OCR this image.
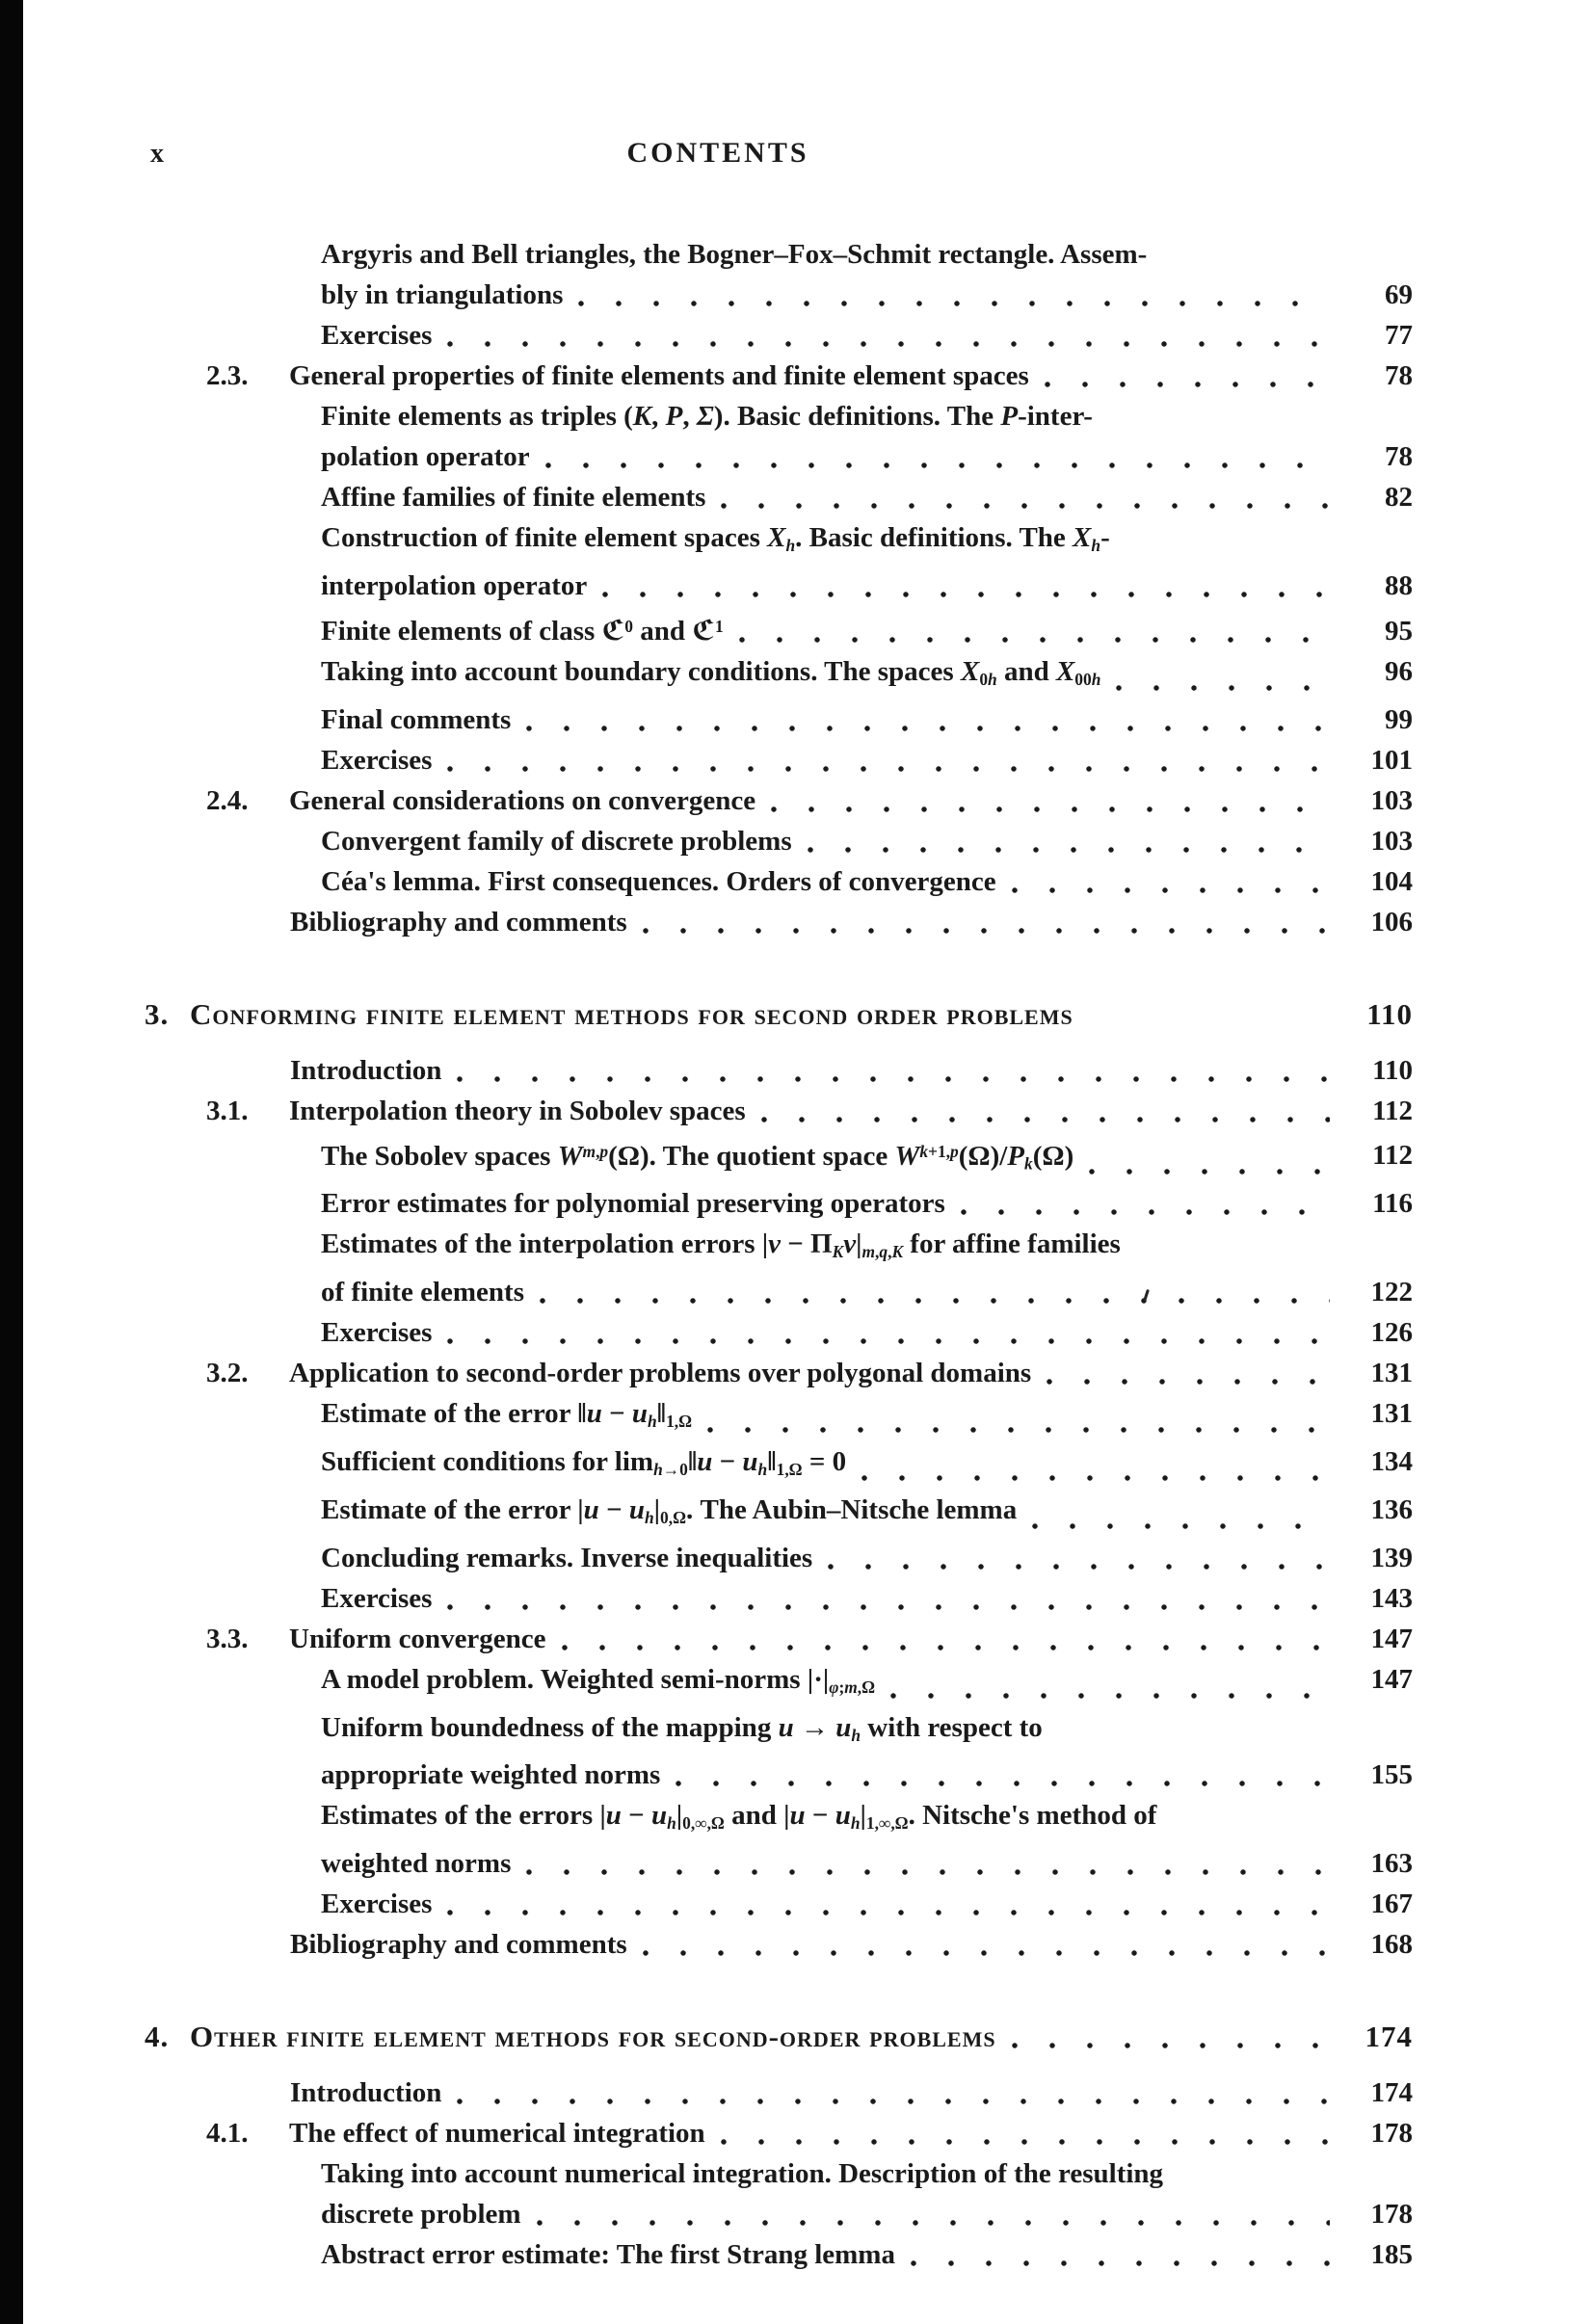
x	CONTENTS
Argyris and Bell triangles, the Bogner–Fox–Schmit rectangle. Assem-
bly in triangulations	69
Exercises	77
2.3.	General properties of finite elements and finite element spaces	78
Finite elements as triples (K, P, Σ). Basic definitions. The P-inter-
polation operator	78
Affine families of finite elements	82
Construction of finite element spaces $X_h$. Basic definitions. The $X_h-$
interpolation operator	88
Finite elements of class ℭ$^0$ and ℭ$^1$	95
Taking into account boundary conditions. The spaces $X_{0h}$ and $X_{00h}$	96
Final comments	99
Exercises	101
2.4.	General considerations on convergence	103
Convergent family of discrete problems	103
Céa's lemma. First consequences. Orders of convergence	104
Bibliography and comments	106
3. Conforming finite element methods for second order problems	110
Introduction	110
3.1.	Interpolation theory in Sobolev spaces	112
The Sobolev spaces W$^{m,p}$(Ω). The quotient space $W^{k+1,p}(\Omega)/P_k(\Omega)$	112
Error estimates for polynomial preserving operators	116
Estimates of the interpolation errors $|v - \Pi_Kv|_{m,q,K}$ for affine families
of finite elements	122
Exercises	126
3.2.	Application to second-order problems over polygonal domains	131
Estimate of the error ‖u − $u_h‖_{1,\Omega}$	131
Sufficient conditions for $\lim_{h\to 0}‖u$ − $u_h‖_{1,\Omega} = 0$	134
Estimate of the error $|u - u_h|_{0,\Omega}$. The Aubin–Nitsche lemma	136
Concluding remarks. Inverse inequalities	139
Exercises	143
3.3.	Uniform convergence	147
A model problem. Weighted semi-norms $|\cdot|_{\varphi;m,\Omega}$	147
Uniform boundedness of the mapping $u \to u_h$ with respect to
appropriate weighted norms	155
Estimates of the errors $|u - u_h|_{0,\infty,\Omega}$ and $|u - u_h|_{1,\infty,\Omega}$. Nitsche's method of
weighted norms	163
Exercises	167
Bibliography and comments	168
4. Other finite element methods for second-order problems	174
Introduction	174
4.1.	The effect of numerical integration	178
Taking into account numerical integration. Description of the resulting
discrete problem	178
Abstract error estimate: The first Strang lemma	185
